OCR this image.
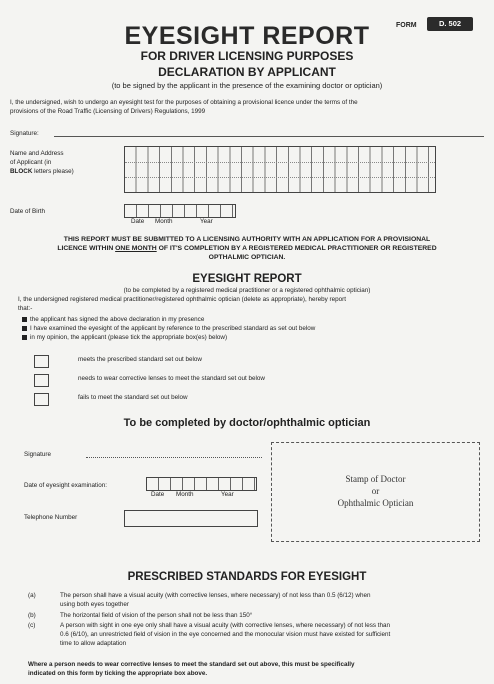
EYESIGHT REPORT	FORM	D. 502
FOR DRIVER LICENSING PURPOSES
DECLARATION BY APPLICANT
(to be signed by the applicant in the presence of the examining doctor or optician)
I, the undersigned, wish to undergo an eyesight test for the purposes of obtaining a provisional licence under the terms of the
provisions of the Road Traffic (Licensing of Drivers) Regulations, 1999
Signature:
Name and Address
of Applicant (in
BLOCK letters please)
Date of Birth
Date Month	Year
THIS REPORT MUST BE SUBMITTED TO A LICENSING AUTHORITY WITH AN APPLICATION FOR A PROVISIONAL
LICENCE WITHIN ONE MONTH OF IT'S COMPLETION BY A REGISTERED MEDICAL PRACTITIONER OR REGISTERED
OPTHALMIC OPTICIAN.
EYESIGHT REPORT
(to be completed by a registered medical practitioner or a registered ophthalmic optician)
I, the undersigned registered medical practitioner/registered ophthalmic optician (delete as appropriate), hereby report
that:-
the applicant has signed the above declaration in my presence
I have examined the eyesight of the applicant by reference to the prescribed standard as set out below
in my opinion, the applicant (please tick the appropriate box(es) below)
meets the prescribed standard set out below
needs to wear corrective lenses to meet the standard set out below
fails to meet the standard set out below
To be completed by doctor/ophthalmic optician
Signature
Date of eyesight examination:
Date Month	Year
Telephone Number
Stamp of Doctor
or
Ophthalmic Optician
PRESCRIBED STANDARDS FOR EYESIGHT
(a)	The person shall have a visual acuity (with corrective lenses, where necessary) of not less than 0.5 (6/12) when
using both eyes together
(b)	The horizontal field of vision of the person shall not be less than 150°
(c)	A person with sight in one eye only shall have a visual acuity (with corrective lenses, where necessary) of not less than
0.6 (6/10), an unrestricted field of vision in the eye concerned and the monocular vision must have existed for sufficient
time to allow adaptation
Where a person needs to wear corrective lenses to meet the standard set out above, this must be specifically
indicated on this form by ticking the appropriate box above.
